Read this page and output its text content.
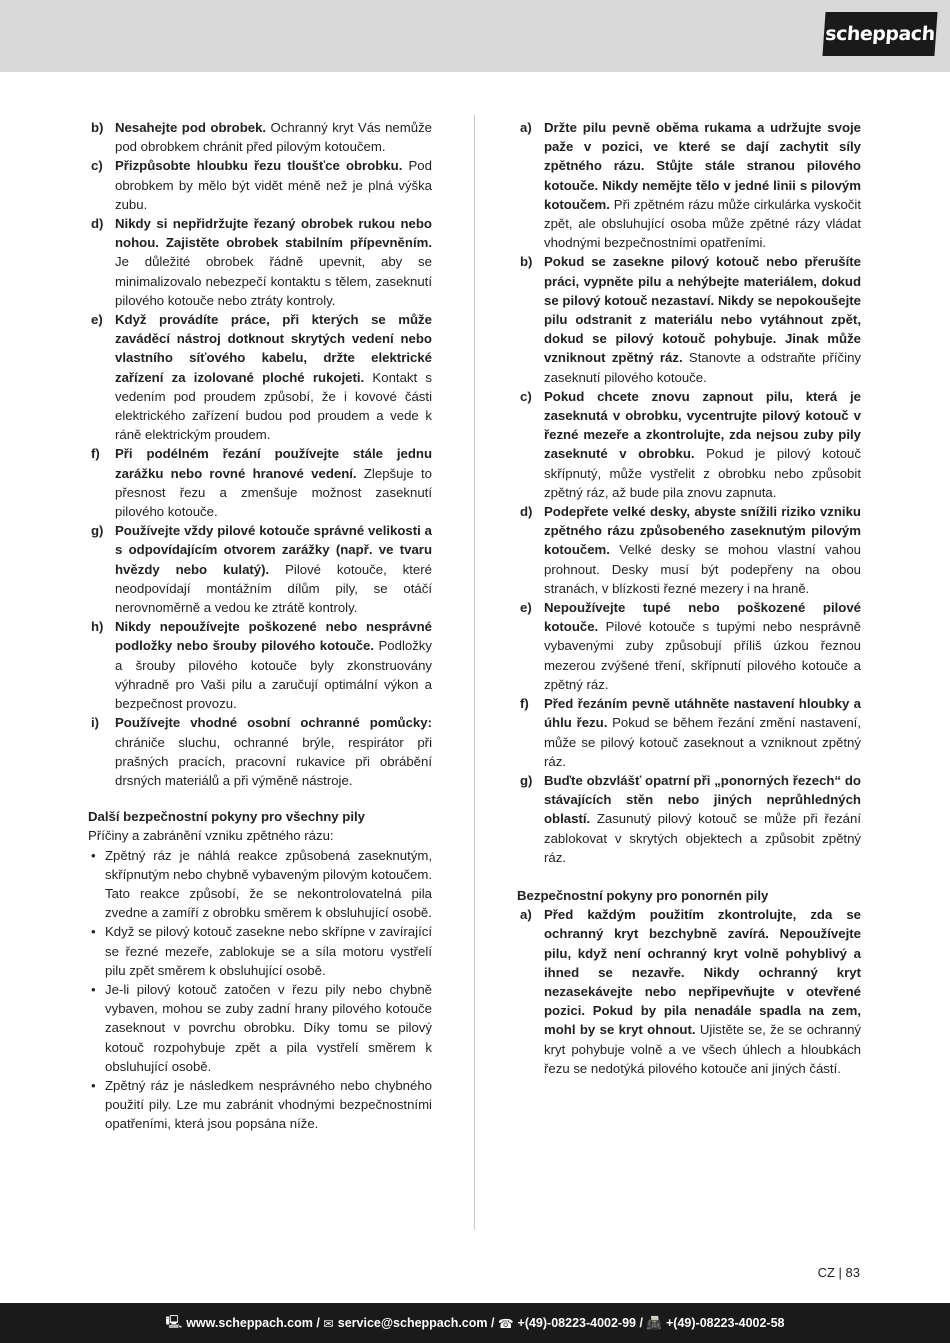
scheppach
b) Nesahejte pod obrobek. Ochranný kryt Vás nemůže pod obrobkem chránit před pilovým kotoučem.
c) Přizpůsobte hloubku řezu tloušťce obrobku. Pod obrobkem by mělo být vidět méně než je plná výška zubu.
d) Nikdy si nepřidržujte řezaný obrobek rukou nebo nohou. Zajistěte obrobek stabilním přípevněním. Je důležité obrobek řádně upevnit, aby se minimalizovalo nebezpečí kontaktu s tělem, zaseknutí pilového kotouče nebo ztráty kontroly.
e) Když provádíte práce, při kterých se může zaváděcí nástroj dotknout skrytých vedení nebo vlastního síťového kabelu, držte elektrické zařízení za izolované ploché rukojeti. Kontakt s vedením pod proudem způsobí, že i kovové části elektrického zařízení budou pod proudem a vede k ráně elektrickým proudem.
f) Při podélném řezání používejte stále jednu zarážku nebo rovné hranové vedení. Zlepšuje to přesnost řezu a zmenšuje možnost zaseknutí pilového kotouče.
g) Používejte vždy pilové kotouče správné velikosti a s odpovídajícím otvorem zarážky (např. ve tvaru hvězdy nebo kulatý). Pilové kotouče, které neodpovídají montážním dílům pily, se otáčí nerovnoměrně a vedou ke ztrátě kontroly.
h) Nikdy nepoužívejte poškozené nebo nesprávné podložky nebo šrouby pilového kotouče. Podložky a šrouby pilového kotouče byly zkonstruovány výhradně pro Vaši pilu a zaručují optimální výkon a bezpečnost provozu.
i) Používejte vhodné osobní ochranné pomůcky: chrániče sluchu, ochranné brýle, respirátor při prašných pracích, pracovní rukavice při obrábění drsných materiálů a při výměně nástroje.
Další bezpečnostní pokyny pro všechny pily
Příčiny a zabránění vzniku zpětného rázu:
• Zpětný ráz je náhlá reakce způsobená zaseknutým, skřípnutým nebo chybně vybaveným pilovým kotoučem. Tato reakce způsobí, že se nekontrolovatelná pila zvedne a zamíří z obrobku směrem k obsluhující osobě.
• Když se pilový kotouč zasekne nebo skřípne v zavírající se řezné mezeře, zablokuje se a síla motoru vystřelí pilu zpět směrem k obsluhující osobě.
• Je-li pilový kotouč zatočen v řezu pily nebo chybně vybaven, mohou se zuby zadní hrany pilového kotouče zaseknout v povrchu obrobku. Díky tomu se pilový kotouč rozpohybuje zpět a pila vystřelí směrem k obsluhující osobě.
• Zpětný ráz je následkem nesprávného nebo chybného použití pily. Lze mu zabránit vhodnými bezpečnostními opatřeními, která jsou popsána níže.
a) Držte pilu pevně oběma rukama a udržujte svoje paže v pozici, ve které se dají zachytit síly zpětného rázu. Stůjte stále stranou pilového kotouče. Nikdy nemějte tělo v jedné linii s pilovým kotoučem. Při zpětném rázu může cirkulárka vyskočit zpět, ale obsluhující osoba může zpětné rázy vládat vhodnými bezpečnostními opatřeními.
b) Pokud se zasekne pilový kotouč nebo přerušíte práci, vypněte pilu a nehýbejte materiálem, dokud se pilový kotouč nezastaví. Nikdy se nepokoušejte pilu odstranit z materiálu nebo vytáhnout zpět, dokud se pilový kotouč pohybuje. Jinak může vzniknout zpětný ráz. Stanovte a odstraňte příčiny zaseknutí pilového kotouče.
c) Pokud chcete znovu zapnout pilu, která je zaseknutá v obrobku, vycentrujte pilový kotouč v řezné mezeře a zkontrolujte, zda nejsou zuby pily zaseknuté v obrobku. Pokud je pilový kotouč skřípnutý, může vystřelit z obrobku nebo způsobit zpětný ráz, až bude pila znovu zapnuta.
d) Podepřete velké desky, abyste snížili riziko vzniku zpětného rázu způsobeného zaseknutým pilovým kotoučem. Velké desky se mohou vlastní vahou prohnout. Desky musí být podepřeny na obou stranách, v blízkosti řezné mezery i na hraně.
e) Nepoužívejte tupé nebo poškozené pilové kotouče. Pilové kotouče s tupými nebo nesprávně vybavenými zuby způsobují příliš úzkou řeznou mezerou zvýšené tření, skřípnutí pilového kotouče a zpětný ráz.
f) Před řezáním pevně utáhněte nastavení hloubky a úhlu řezu. Pokud se během řezání změní nastavení, může se pilový kotouč zaseknout a vzniknout zpětný ráz.
g) Buďte obzvlášť opatrní při „ponorných řezech“ do stávajících stěn nebo jiných neprůhledných oblastí. Zasunutý pilový kotouč se může při řezání zablokovat v skrytých objektech a způsobit zpětný ráz.
Bezpečnostní pokyny pro ponornén pily
a) Před každým použitím zkontrolujte, zda se ochranný kryt bezchybně zavírá. Nepoužívejte pilu, když není ochranný kryt volně pohyblivý a ihned se nezavře. Nikdy ochranný kryt nezasekávejte nebo nepřipevňujte v otevřené pozici. Pokud by pila nenadále spadla na zem, mohl by se kryt ohnout. Ujistěte se, že se ochranný kryt pohybuje volně a ve všech úhlech a hloubkách řezu se nedotýká pilového kotouče ani jiných částí.
CZ | 83
🖳 www.scheppach.com / ✉ service@scheppach.com / ☎ +(49)-08223-4002-99 / 📠 +(49)-08223-4002-58
